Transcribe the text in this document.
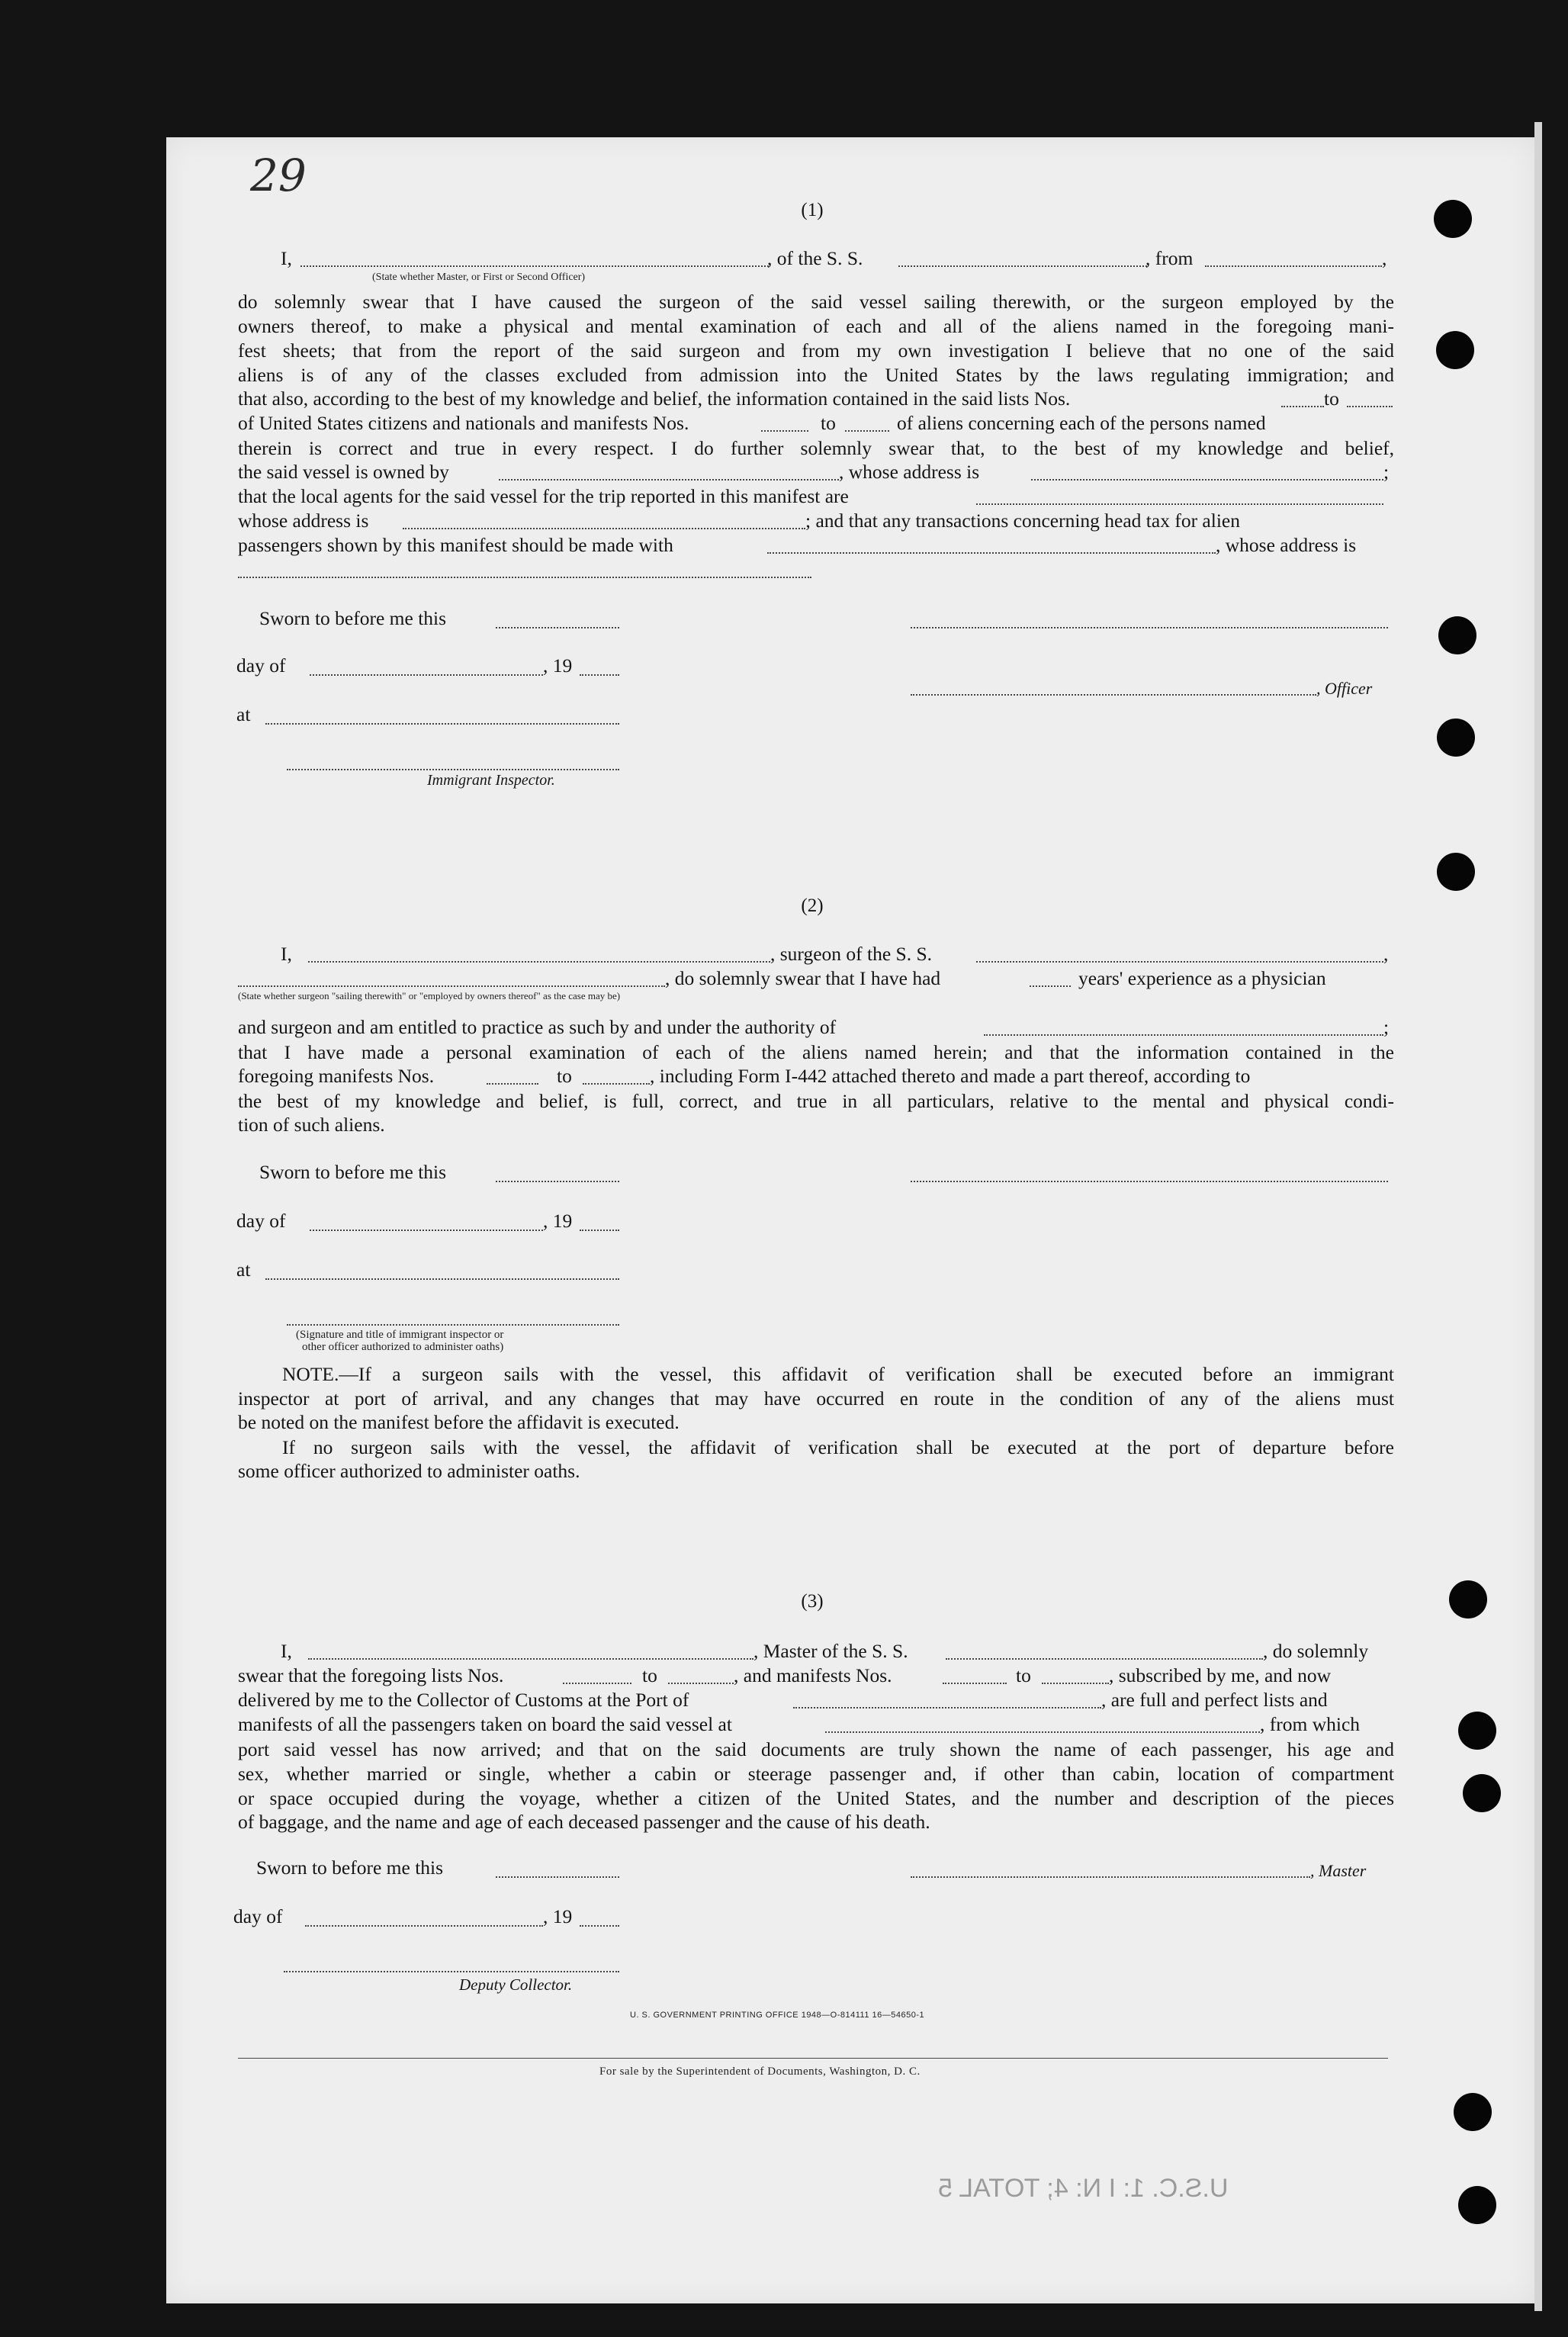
29
U.S.C. 1: I N: 4; TOTAL 5
(1)
I,	, of the S. S.	, from	,
(State whether Master, or First or Second Officer)
do solemnly swear that I have caused the surgeon of the said vessel sailing therewith, or the surgeon employed by the
owners thereof, to make a physical and mental examination of each and all of the aliens named in the foregoing mani-
fest sheets; that from the report of the said surgeon and from my own investigation I believe that no one of the said
aliens is of any of the classes excluded from admission into the United States by the laws regulating immigration; and
that also, according to the best of my knowledge and belief, the information contained in the said lists Nos.	to
of United States citizens and nationals and manifests Nos.	to	of aliens concerning each of the persons named
therein is correct and true in every respect. I do further solemnly swear that, to the best of my knowledge and belief,
the said vessel is owned by	, whose address is	;
that the local agents for the said vessel for the trip reported in this manifest are
whose address is	; and that any transactions concerning head tax for alien
passengers shown by this manifest should be made with	, whose address is
Sworn to before me this
day of	, 19
at
, Officer
Immigrant Inspector.
(2)
I,	, surgeon of the S. S.	,
, do solemnly swear that I have had	years' experience as a physician
(State whether surgeon "sailing therewith" or "employed by owners thereof" as the case may be)
and surgeon and am entitled to practice as such by and under the authority of	;
that I have made a personal examination of each of the aliens named herein; and that the information contained in the
foregoing manifests Nos.	to	, including Form I-442 attached thereto and made a part thereof, according to
the best of my knowledge and belief, is full, correct, and true in all particulars, relative to the mental and physical condi-
tion of such aliens.
Sworn to before me this
day of	, 19
at
(Signature and title of immigrant inspector or
other officer authorized to administer oaths)
NOTE.—If a surgeon sails with the vessel, this affidavit of verification shall be executed before an immigrant
inspector at port of arrival, and any changes that may have occurred en route in the condition of any of the aliens must
be noted on the manifest before the affidavit is executed.
If no surgeon sails with the vessel, the affidavit of verification shall be executed at the port of departure before
some officer authorized to administer oaths.
(3)
I,	, Master of the S. S.	, do solemnly
swear that the foregoing lists Nos.	to	, and manifests Nos.	to	, subscribed by me, and now
delivered by me to the Collector of Customs at the Port of	, are full and perfect lists and
manifests of all the passengers taken on board the said vessel at	, from which
port said vessel has now arrived; and that on the said documents are truly shown the name of each passenger, his age and
sex, whether married or single, whether a cabin or steerage passenger and, if other than cabin, location of compartment
or space occupied during the voyage, whether a citizen of the United States, and the number and description of the pieces
of baggage, and the name and age of each deceased passenger and the cause of his death.
Sworn to before me this	, Master
day of	, 19
Deputy Collector.
U. S. GOVERNMENT PRINTING OFFICE 1948—O-814111 16—54650-1
For sale by the Superintendent of Documents, Washington, D. C.
